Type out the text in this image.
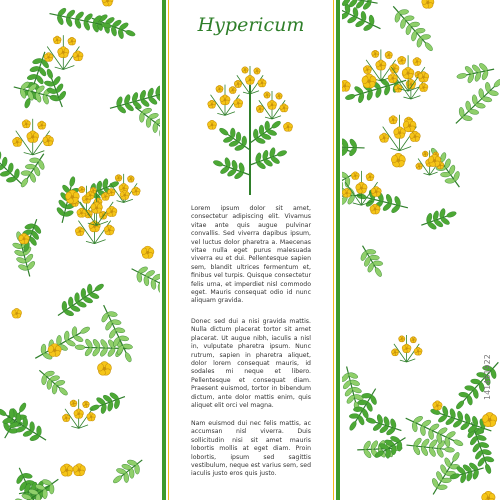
Hypericum

Lorem ipsum dolor sit amet, consectetur adipiscing elit. Vivamus vitae ante quis augue pulvinar convallis. Sed viverra dapibus ipsum, vel luctus dolor pharetra a. Maecenas vitae nulla eget purus malesuada viverra eu et dui. Pellentesque sapien sem, blandit ultrices fermentum et, finibus vel turpis. Quisque consectetur felis urna, et imperdiet nisl commodo eget. Mauris consequat odio id nunc aliquam gravida.

Donec sed dui a nisi gravida mattis. Nulla dictum placerat tortor sit amet placerat. Ut augue nibh, iaculis a nisl in, vulputate pharetra ipsum. Nunc rutrum, sapien in pharetra aliquet, dolor lorem consequat mauris, id sodales mi neque et libero. Pellentesque et consequat diam. Praesent euismod, tortor in bibendum dictum, ante dolor mattis enim, quis aliquet elit orci vel magna.

Nam euismod dui nec felis mattis, ac accumsan nisl viverra. Duis sollicitudin nisi sit amet mauris lobortis mollis at eget diam. Proin lobortis, ipsum sed sagittis vestibulum, neque est varius sem, sed iaculis justo eros quis justo.

141461922
